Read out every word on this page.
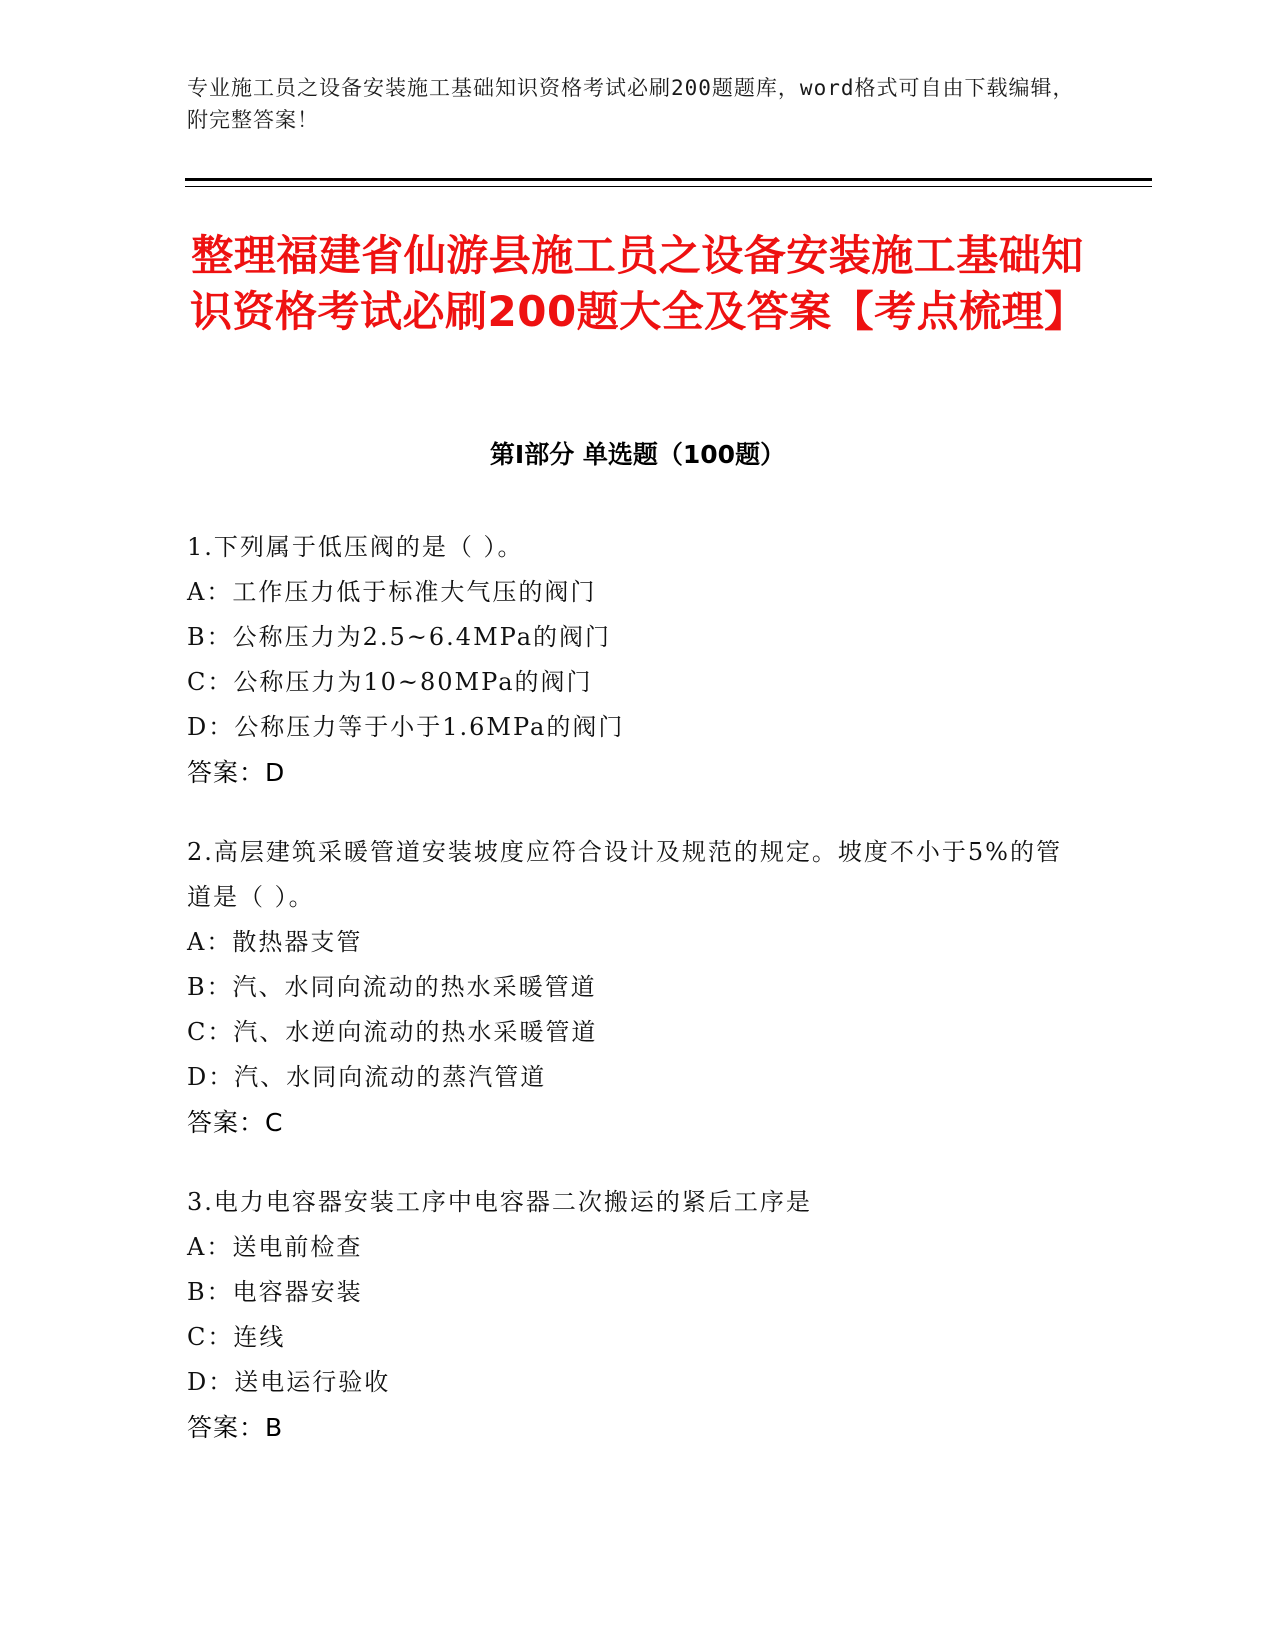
专业施工员之设备安装施工基础知识资格考试必刷200题题库，word格式可自由下载编辑，附完整答案！
整理福建省仙游县施工员之设备安装施工基础知识资格考试必刷200题大全及答案【考点梳理】
第Ⅰ部分 单选题（100题）
1.下列属于低压阀的是（ ）。
A：工作压力低于标准大气压的阀门
B：公称压力为2.5~6.4MPa的阀门
C：公称压力为10~80MPa的阀门
D：公称压力等于小于1.6MPa的阀门
答案：D
2.高层建筑采暖管道安装坡度应符合设计及规范的规定。坡度不小于5%的管道是（ ）。
A：散热器支管
B：汽、水同向流动的热水采暖管道
C：汽、水逆向流动的热水采暖管道
D：汽、水同向流动的蒸汽管道
答案：C
3.电力电容器安装工序中电容器二次搬运的紧后工序是
A：送电前检查
B：电容器安装
C：连线
D：送电运行验收
答案：B
